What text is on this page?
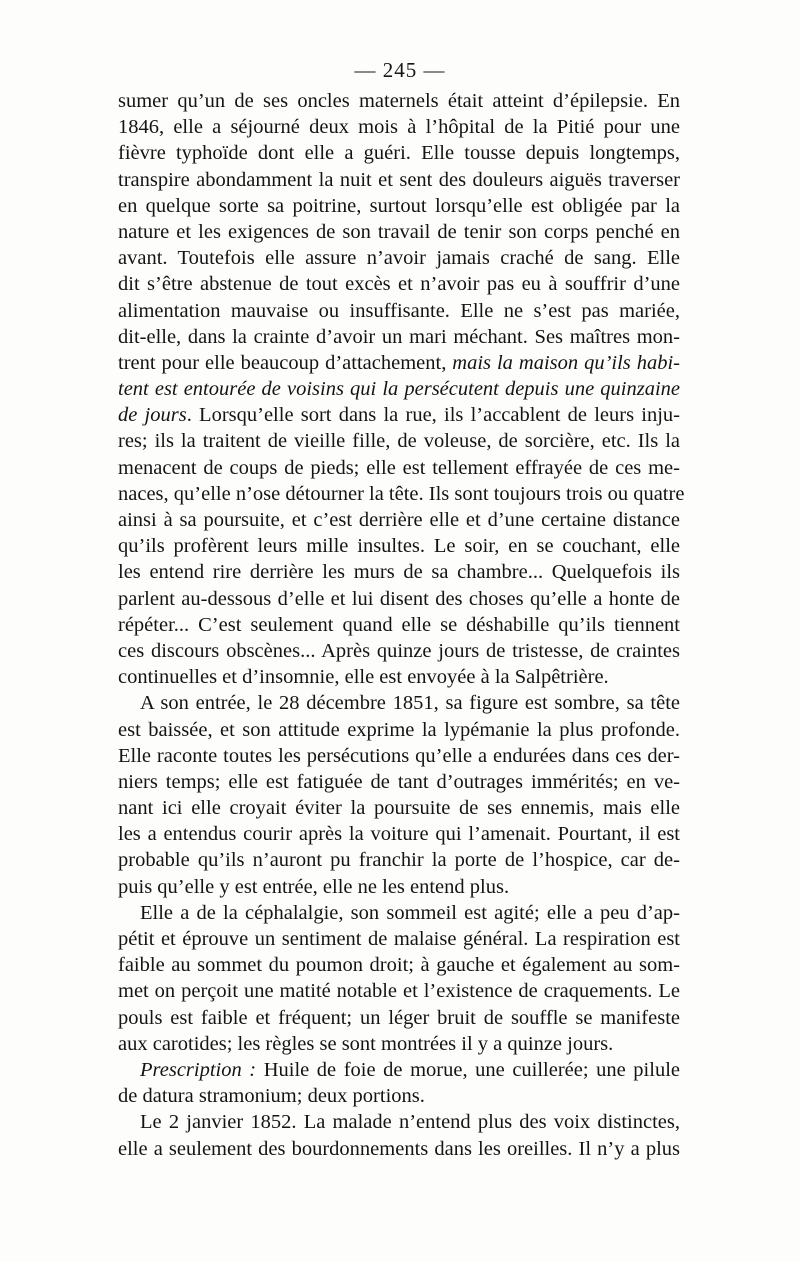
— 245 —
sumer qu’un de ses oncles maternels était atteint d’épilepsie. En
1846, elle a séjourné deux mois à l’hôpital de la Pitié pour une
fièvre typhoïde dont elle a guéri. Elle tousse depuis longtemps,
transpire abondamment la nuit et sent des douleurs aiguës traverser
en quelque sorte sa poitrine, surtout lorsqu’elle est obligée par la
nature et les exigences de son travail de tenir son corps penché en
avant. Toutefois elle assure n’avoir jamais craché de sang. Elle
dit s’être abstenue de tout excès et n’avoir pas eu à souffrir d’une
alimentation mauvaise ou insuffisante. Elle ne s’est pas mariée,
dit-elle, dans la crainte d’avoir un mari méchant. Ses maîtres mon-
trent pour elle beaucoup d’attachement, mais la maison qu’ils habi-
tent est entourée de voisins qui la persécutent depuis une quinzaine
de jours. Lorsqu’elle sort dans la rue, ils l’accablent de leurs inju-
res; ils la traitent de vieille fille, de voleuse, de sorcière, etc. Ils la
menacent de coups de pieds; elle est tellement effrayée de ces me-
naces, qu’elle n’ose détourner la tête. Ils sont toujours trois ou quatre
ainsi à sa poursuite, et c’est derrière elle et d’une certaine distance
qu’ils profèrent leurs mille insultes. Le soir, en se couchant, elle
les entend rire derrière les murs de sa chambre... Quelquefois ils
parlent au-dessous d’elle et lui disent des choses qu’elle a honte de
répéter... C’est seulement quand elle se déshabille qu’ils tiennent
ces discours obscènes... Après quinze jours de tristesse, de craintes
continuelles et d’insomnie, elle est envoyée à la Salpêtrière.
A son entrée, le 28 décembre 1851, sa figure est sombre, sa tête
est baissée, et son attitude exprime la lypémanie la plus profonde.
Elle raconte toutes les persécutions qu’elle a endurées dans ces der-
niers temps; elle est fatiguée de tant d’outrages immérités; en ve-
nant ici elle croyait éviter la poursuite de ses ennemis, mais elle
les a entendus courir après la voiture qui l’amenait. Pourtant, il est
probable qu’ils n’auront pu franchir la porte de l’hospice, car de-
puis qu’elle y est entrée, elle ne les entend plus.
Elle a de la céphalalgie, son sommeil est agité; elle a peu d’ap-
pétit et éprouve un sentiment de malaise général. La respiration est
faible au sommet du poumon droit; à gauche et également au som-
met on perçoit une matité notable et l’existence de craquements. Le
pouls est faible et fréquent; un léger bruit de souffle se manifeste
aux carotides; les règles se sont montrées il y a quinze jours.
Prescription : Huile de foie de morue, une cuillerée; une pilule
de datura stramonium; deux portions.
Le 2 janvier 1852. La malade n’entend plus des voix distinctes,
elle a seulement des bourdonnements dans les oreilles. Il n’y a plus
